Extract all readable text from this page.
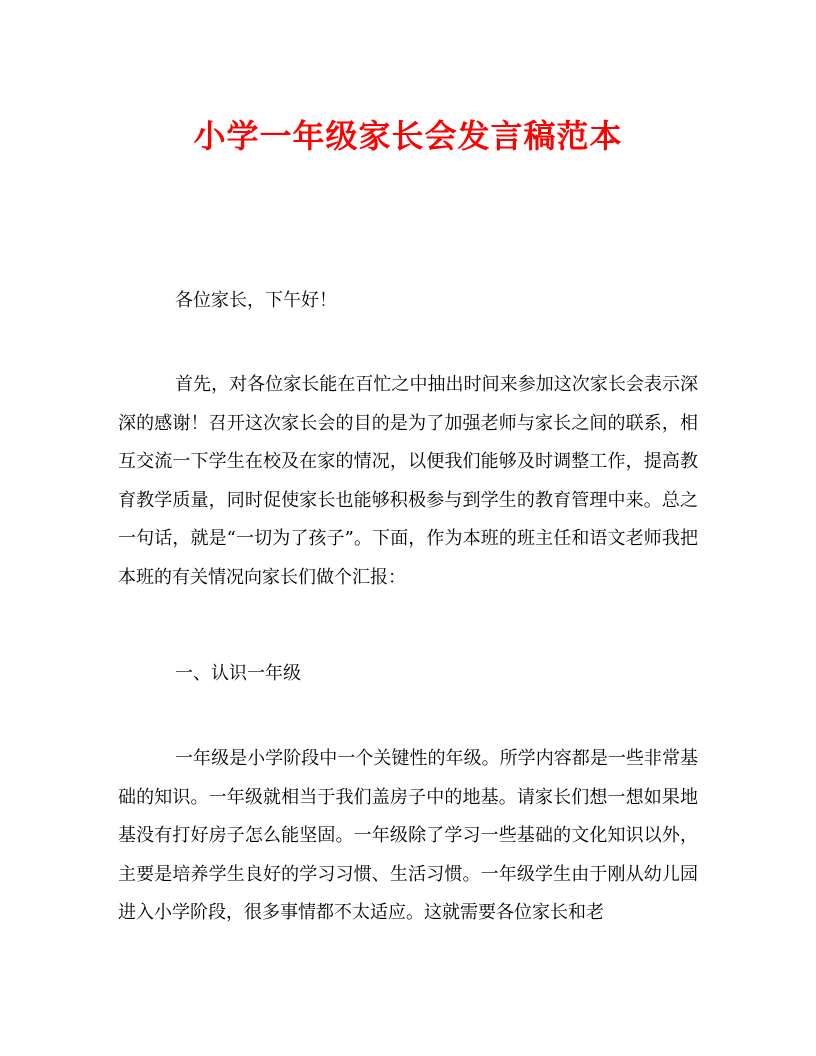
小学一年级家长会发言稿范本

各位家长，下午好！

首先，对各位家长能在百忙之中抽出时间来参加这次家长会表示深深的感谢！召开这次家长会的目的是为了加强老师与家长之间的联系，相互交流一下学生在校及在家的情况，以便我们能够及时调整工作，提高教育教学质量，同时促使家长也能够积极参与到学生的教育管理中来。总之一句话，就是“一切为了孩子”。下面，作为本班的班主任和语文老师我把本班的有关情况向家长们做个汇报：

一、认识一年级

一年级是小学阶段中一个关键性的年级。所学内容都是一些非常基础的知识。一年级就相当于我们盖房子中的地基。请家长们想一想如果地基没有打好房子怎么能坚固。一年级除了学习一些基础的文化知识以外，主要是培养学生良好的学习习惯、生活习惯。一年级学生由于刚从幼儿园进入小学阶段，很多事情都不太适应。这就需要各位家长和老
